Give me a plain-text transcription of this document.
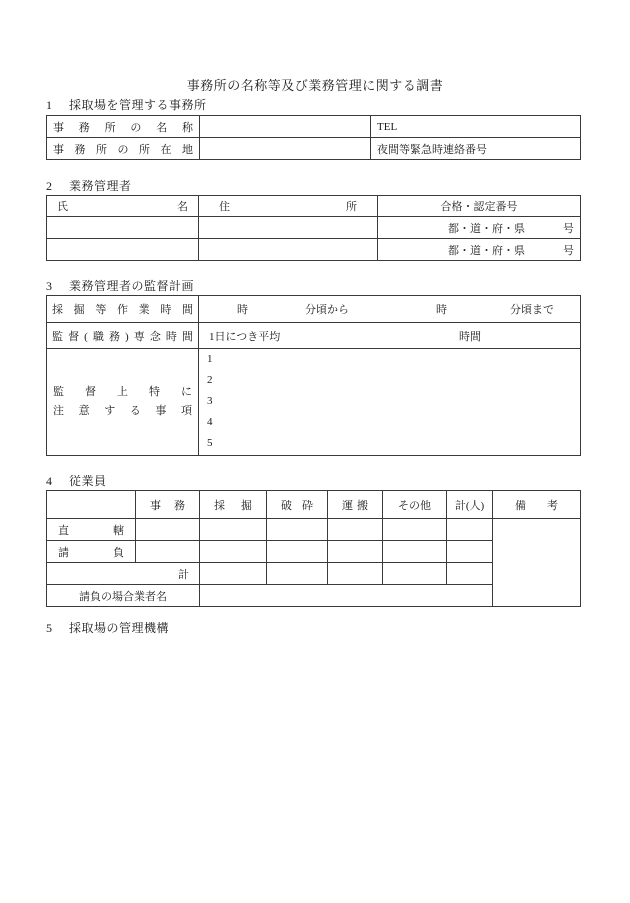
事務所の名称等及び業務管理に関する調書
1 採取場を管理する事務所
事務所の名称		TEL
事務所の所在地		夜間等緊急時連絡番号
2 業務管理者
氏名	住所	合格・認定番号

		都・道・府・県 号

		都・道・府・県 号
3 業務管理者の監督計画
採掘等作業時間	時 分頃から 時 分頃まで

監督(職務)専念時間	1日につき平均 時間

監督上特に
注意する事項

1
2
3
4
5
4 従業員
	事務	採掘	破砕	運搬	その他	計(人)	備考
直轄							
請負							
計							
請負の場合業者名							
5 採取場の管理機構
